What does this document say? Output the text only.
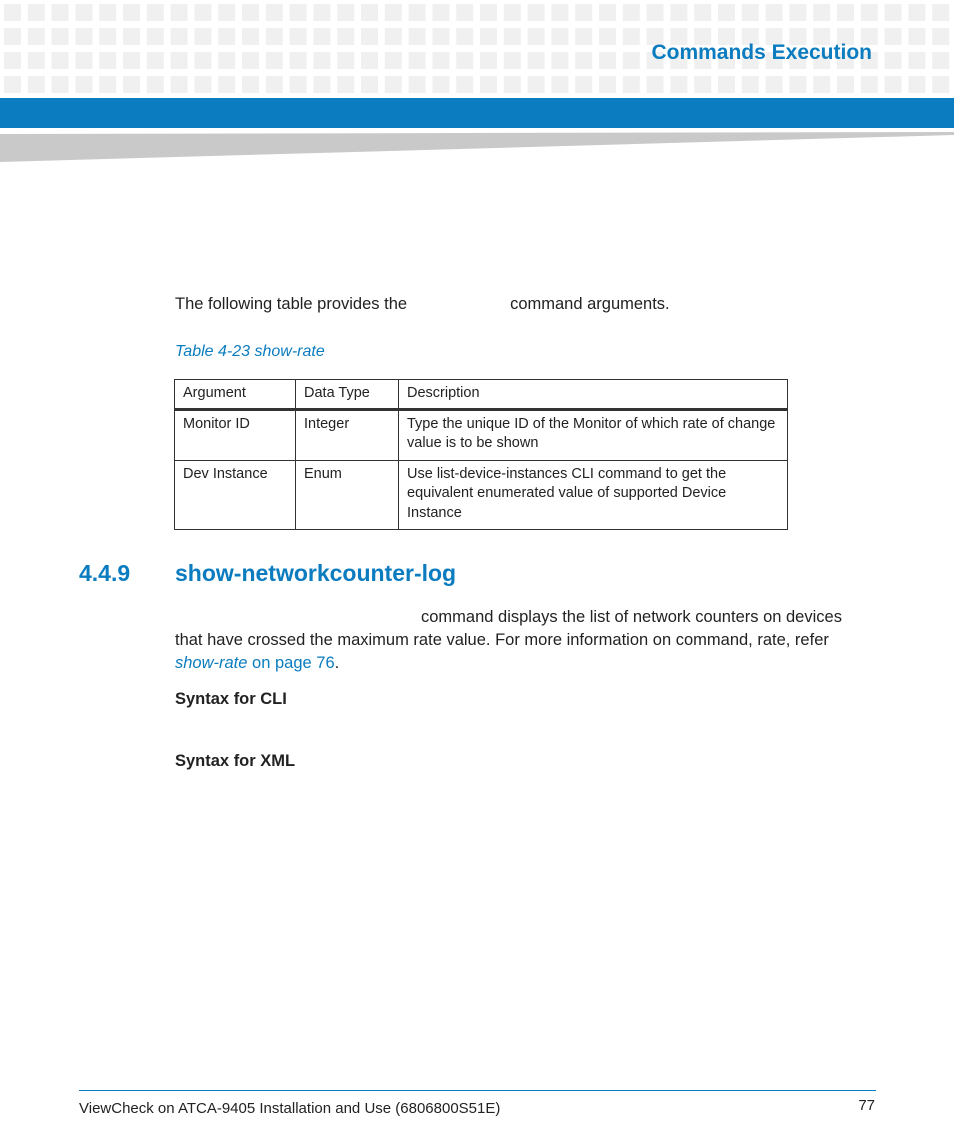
Commands Execution
The following table provides the	command arguments.
Table 4-23 show-rate
Argument	Data Type	Description
Monitor ID	Integer	Type the unique ID of the Monitor of which rate of change value is to be shown
Dev Instance	Enum	Use list-device-instances CLI command to get the equivalent enumerated value of supported Device Instance
4.4.9 show-networkcounter-log
command displays the list of network counters on devices that have crossed the maximum rate value. For more information on command, rate, refer show-rate on page 76.
Syntax for CLI
Syntax for XML
ViewCheck on ATCA-9405 Installation and Use (6806800S51E)	77
